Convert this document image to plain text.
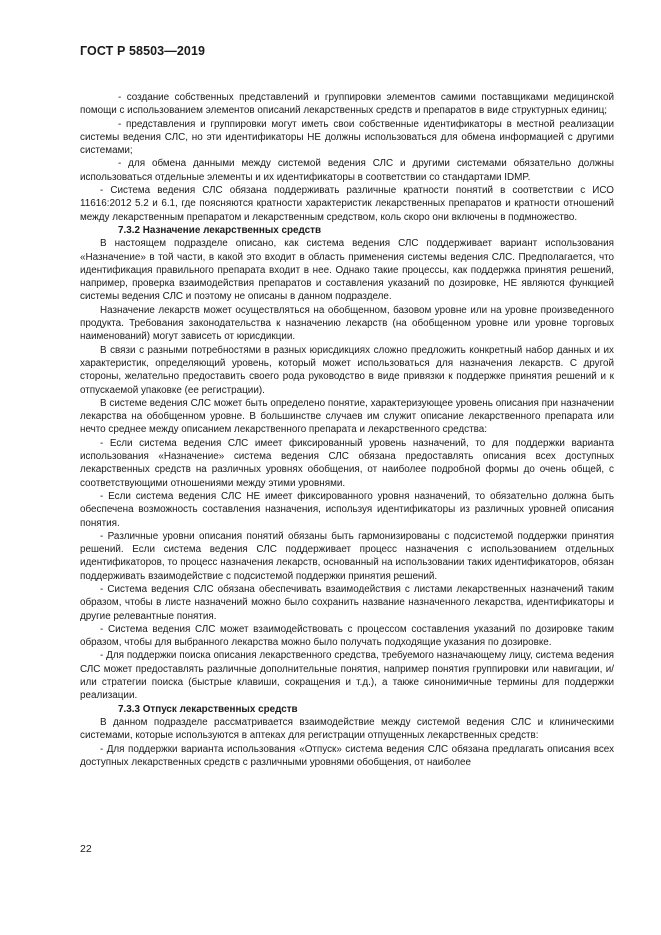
ГОСТ Р 58503—2019

- создание собственных представлений и группировки элементов самими поставщиками медицинской помощи с использованием элементов описаний лекарственных средств и препаратов в виде структурных единиц;

- представления и группировки могут иметь свои собственные идентификаторы в местной реализации системы ведения СЛС, но эти идентификаторы НЕ должны использоваться для обмена информацией с другими системами;

- для обмена данными между системой ведения СЛС и другими системами обязательно должны использоваться отдельные элементы и их идентификаторы в соответствии со стандартами IDMP.

- Система ведения СЛС обязана поддерживать различные кратности понятий в соответствии с ИСО 11616:2012 5.2 и 6.1, где поясняются кратности характеристик лекарственных препаратов и кратности отношений между лекарственным препаратом и лекарственным средством, коль скоро они включены в подмножество.

7.3.2 Назначение лекарственных средств

В настоящем подразделе описано, как система ведения СЛС поддерживает вариант использования «Назначение» в той части, в какой это входит в область применения системы ведения СЛС. Предполагается, что идентификация правильного препарата входит в нее. Однако такие процессы, как поддержка принятия решений, например, проверка взаимодействия препаратов и составления указаний по дозировке, НЕ являются функцией системы ведения СЛС и поэтому не описаны в данном подразделе.

Назначение лекарств может осуществляться на обобщенном, базовом уровне или на уровне произведенного продукта. Требования законодательства к назначению лекарств (на обобщенном уровне или уровне торговых наименований) могут зависеть от юрисдикции.

В связи с разными потребностями в разных юрисдикциях сложно предложить конкретный набор данных и их характеристик, определяющий уровень, который может использоваться для назначения лекарств. С другой стороны, желательно предоставить своего рода руководство в виде привязки к поддержке принятия решений и к отпускаемой упаковке (ее регистрации).

В системе ведения СЛС может быть определено понятие, характеризующее уровень описания при назначении лекарства на обобщенном уровне. В большинстве случаев им служит описание лекарственного препарата или нечто среднее между описанием лекарственного препарата и лекарственного средства:

- Если система ведения СЛС имеет фиксированный уровень назначений, то для поддержки варианта использования «Назначение» система ведения СЛС обязана предоставлять описания всех доступных лекарственных средств на различных уровнях обобщения, от наиболее подробной формы до очень общей, с соответствующими отношениями между этими уровнями.

- Если система ведения СЛС НЕ имеет фиксированного уровня назначений, то обязательно должна быть обеспечена возможность составления назначения, используя идентификаторы из различных уровней описания понятия.

- Различные уровни описания понятий обязаны быть гармонизированы с подсистемой поддержки принятия решений. Если система ведения СЛС поддерживает процесс назначения с использованием отдельных идентификаторов, то процесс назначения лекарств, основанный на использовании таких идентификаторов, обязан поддерживать взаимодействие с подсистемой поддержки принятия решений.

- Система ведения СЛС обязана обеспечивать взаимодействия с листами лекарственных назначений таким образом, чтобы в листе назначений можно было сохранить название назначенного лекарства, идентификаторы и другие релевантные понятия.

- Система ведения СЛС может взаимодействовать с процессом составления указаний по дозировке таким образом, чтобы для выбранного лекарства можно было получать подходящие указания по дозировке.

- Для поддержки поиска описания лекарственного средства, требуемого назначающему лицу, система ведения СЛС может предоставлять различные дополнительные понятия, например понятия группировки или навигации, и/или стратегии поиска (быстрые клавиши, сокращения и т.д.), а также синонимичные термины для поддержки реализации.

7.3.3 Отпуск лекарственных средств

В данном подразделе рассматривается взаимодействие между системой ведения СЛС и клиническими системами, которые используются в аптеках для регистрации отпущенных лекарственных средств:

- Для поддержки варианта использования «Отпуск» система ведения СЛС обязана предлагать описания всех доступных лекарственных средств с различными уровнями обобщения, от наиболее

22
